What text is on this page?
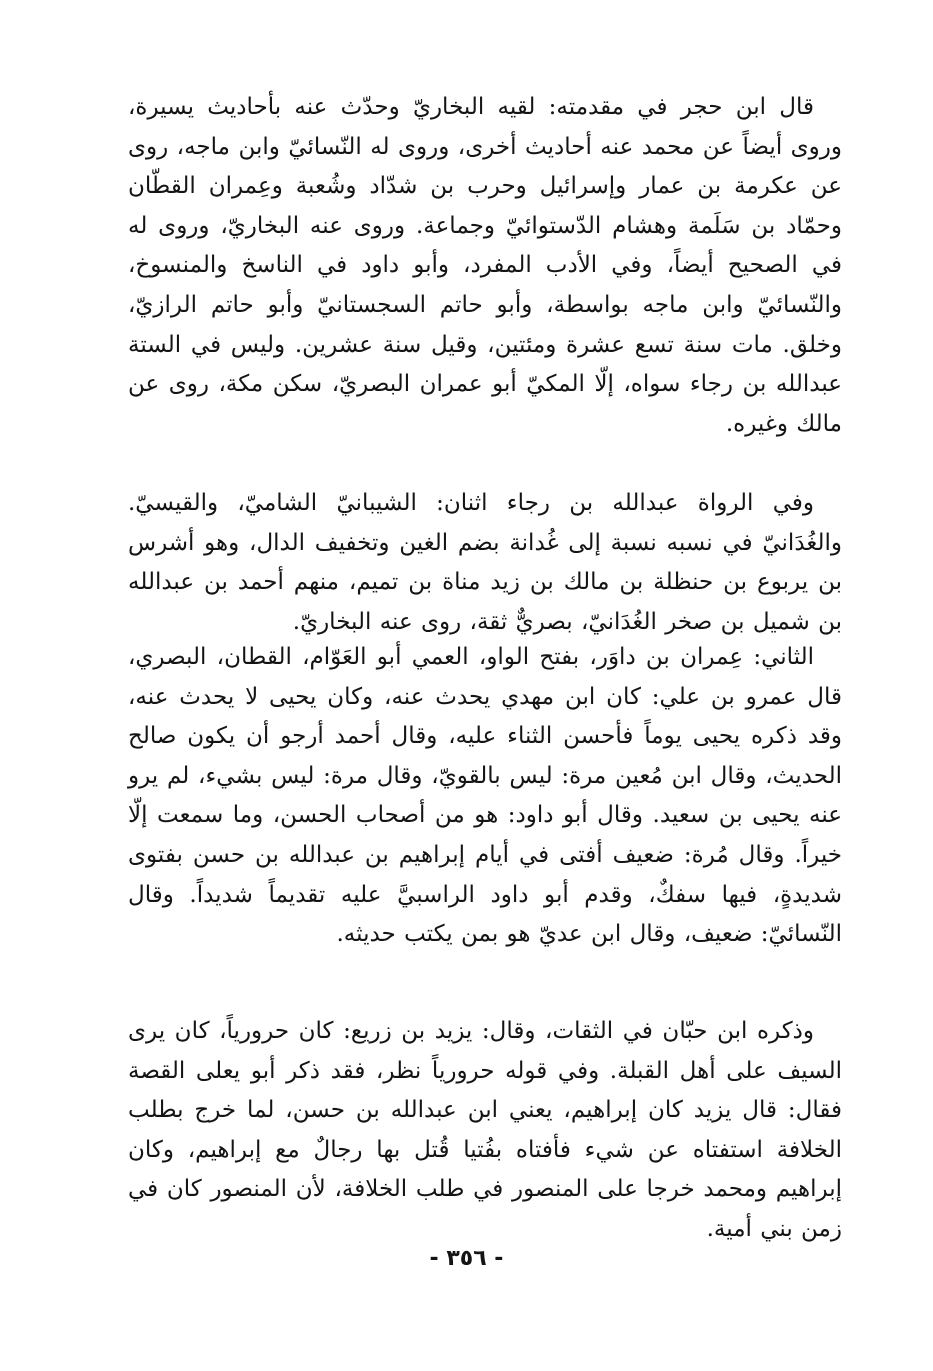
قال ابن حجر في مقدمته: لقيه البخاريّ وحدّث عنه بأحاديث يسيرة، وروى أيضاً عن محمد عنه أحاديث أخرى، وروى له النّسائيّ وابن ماجه، روى عن عكرمة بن عمار وإسرائيل وحرب بن شدّاد وشُعبة وعِمران القطّان وحمّاد بن سَلَمة وهشام الدّستوائيّ وجماعة. وروى عنه البخاريّ، وروى له في الصحيح أيضاً، وفي الأدب المفرد، وأبو داود في الناسخ والمنسوخ، والنّسائيّ وابن ماجه بواسطة، وأبو حاتم السجستانيّ وأبو حاتم الرازيّ، وخلق. مات سنة تسع عشرة ومئتين، وقيل سنة عشرين. وليس في الستة عبدالله بن رجاء سواه، إلّا المكيّ أبو عمران البصريّ، سكن مكة، روى عن مالك وغيره.

وفي الرواة عبدالله بن رجاء اثنان: الشيبانيّ الشاميّ، والقيسيّ. والغُدَانيّ في نسبه نسبة إلى غُدانة بضم الغين وتخفيف الدال، وهو أشرس بن يربوع بن حنظلة بن مالك بن زيد مناة بن تميم، منهم أحمد بن عبدالله بن شميل بن صخر الغُدَانيّ، بصريٌّ ثقة، روى عنه البخاريّ.

الثاني: عِمران بن داوَر، بفتح الواو، العمي أبو العَوّام، القطان، البصري، قال عمرو بن علي: كان ابن مهدي يحدث عنه، وكان يحيى لا يحدث عنه، وقد ذكره يحيى يوماً فأحسن الثناء عليه، وقال أحمد أرجو أن يكون صالح الحديث، وقال ابن مُعين مرة: ليس بالقويّ، وقال مرة: ليس بشيء، لم يرو عنه يحيى بن سعيد. وقال أبو داود: هو من أصحاب الحسن، وما سمعت إلّا خيراً. وقال مُرة: ضعيف أفتى في أيام إبراهيم بن عبدالله بن حسن بفتوى شديدةٍ، فيها سفكٌ، وقدم أبو داود الراسبيَّ عليه تقديماً شديداً. وقال النّسائيّ: ضعيف، وقال ابن عديّ هو بمن يكتب حديثه.

وذكره ابن حبّان في الثقات، وقال: يزيد بن زريع: كان حرورياً، كان يرى السيف على أهل القبلة. وفي قوله حرورياً نظر، فقد ذكر أبو يعلى القصة فقال: قال يزيد كان إبراهيم، يعني ابن عبدالله بن حسن، لما خرج بطلب الخلافة استفتاه عن شيء فأفتاه بفُتيا قُتل بها رجالٌ مع إبراهيم، وكان إبراهيم ومحمد خرجا على المنصور في طلب الخلافة، لأن المنصور كان في زمن بني أمية.

- ٣٥٦ -
